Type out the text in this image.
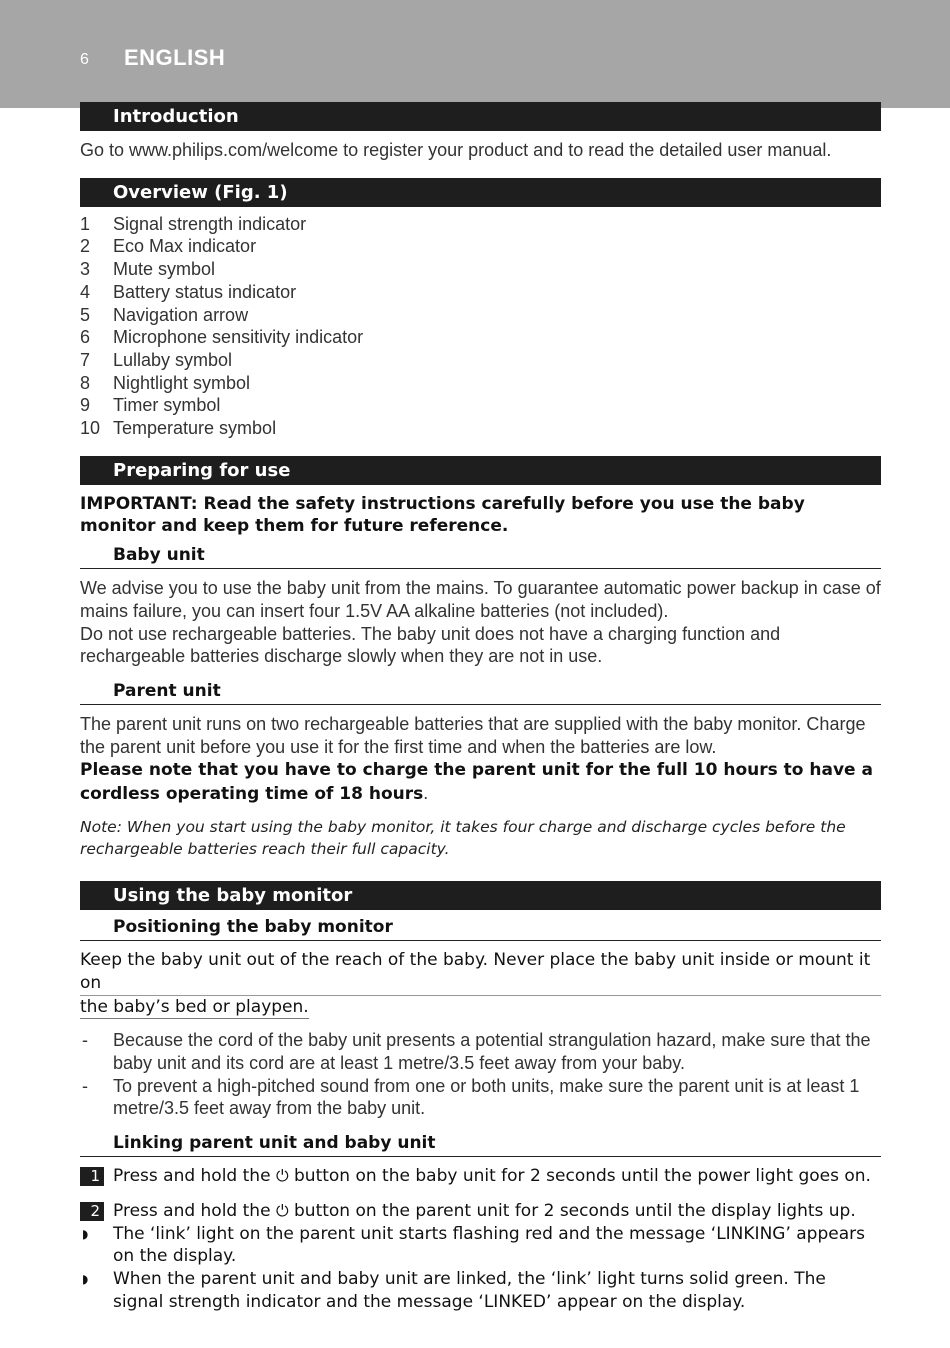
6 ENGLISH
Introduction

Go to www.philips.com/welcome to register your product and to read the detailed user manual.

Overview (Fig. 1)
1	Signal strength indicator
2	Eco Max indicator
3	Mute symbol
4	Battery status indicator
5	Navigation arrow
6	Microphone sensitivity indicator
7	Lullaby symbol
8	Nightlight symbol
9	Timer symbol
10 Temperature symbol
Preparing for use

IMPORTANT: Read the safety instructions carefully before you use the baby monitor and keep them for future reference.

Baby unit

We advise you to use the baby unit from the mains. To guarantee automatic power backup in case of mains failure, you can insert four 1.5V AA alkaline batteries (not included).

Do not use rechargeable batteries. The baby unit does not have a charging function and rechargeable batteries discharge slowly when they are not in use.

Parent unit

The parent unit runs on two rechargeable batteries that are supplied with the baby monitor. Charge the parent unit before you use it for the first time and when the batteries are low.

Please note that you have to charge the parent unit for the full 10 hours to have a cordless operating time of 18 hours.

Note: When you start using the baby monitor, it takes four charge and discharge cycles before the rechargeable batteries reach their full capacity.

Using the baby monitor
Positioning the baby monitor
Keep the baby unit out of the reach of the baby. Never place the baby unit inside or mount it on
the baby’s bed or playpen.
-	Because the cord of the baby unit presents a potential strangulation hazard, make sure that the baby unit and its cord are at least 1 metre/3.5 feet away from your baby.
-	To prevent a high-pitched sound from one or both units, make sure the parent unit is at least 1 metre/3.5 feet away from the baby unit.
Linking parent unit and baby unit
1 Press and hold the ⏻ button on the baby unit for 2 seconds until the power light goes on.
2 Press and hold the ⏻ button on the parent unit for 2 seconds until the display lights up.
◗	The ‘link’ light on the parent unit starts flashing red and the message ‘LINKING’ appears on the display.
◗	When the parent unit and baby unit are linked, the ‘link’ light turns solid green. The signal strength indicator and the message ‘LINKED’ appear on the display.
